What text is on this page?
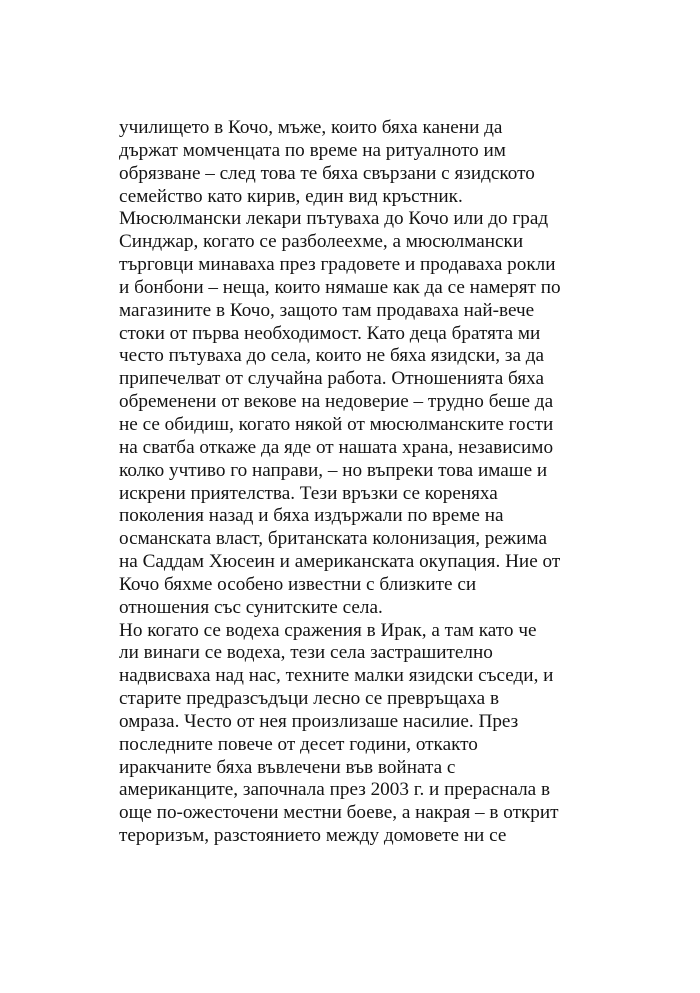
училището в Кочо, мъже, които бяха канени да
държат момченцата по време на ритуалното им
обрязване – след това те бяха свързани с язидското
семейство като кирив, един вид кръстник.
Мюсюлмански лекари пътуваха до Кочо или до град
Синджар, когато се разболеехме, а мюсюлмански
търговци минаваха през градовете и продаваха рокли
и бонбони – неща, които нямаше как да се намерят по
магазините в Кочо, защото там продаваха най-вече
стоки от първа необходимост. Като деца братята ми
често пътуваха до села, които не бяха язидски, за да
припечелват от случайна работа. Отношенията бяха
обременени от векове на недоверие – трудно беше да
не се обидиш, когато някой от мюсюлманските гости
на сватба откаже да яде от нашата храна, независимо
колко учтиво го направи, – но въпреки това имаше и
искрени приятелства. Тези връзки се кореняха
поколения назад и бяха издържали по време на
османската власт, британската колонизация, режима
на Саддам Хюсеин и американската окупация. Ние от
Кочо бяхме особено известни с близките си
отношения със сунитските села.
Но когато се водеха сражения в Ирак, а там като че
ли винаги се водеха, тези села застрашително
надвисваха над нас, техните малки язидски съседи, и
старите предразсъдъци лесно се превръщаха в
омраза. Често от нея произлизаше насилие. През
последните повече от десет години, откакто
иракчаните бяха въвлечени във войната с
американците, започнала през 2003 г. и прераснала в
още по-ожесточени местни боеве, а накрая – в открит
тероризъм, разстоянието между домовете ни се
